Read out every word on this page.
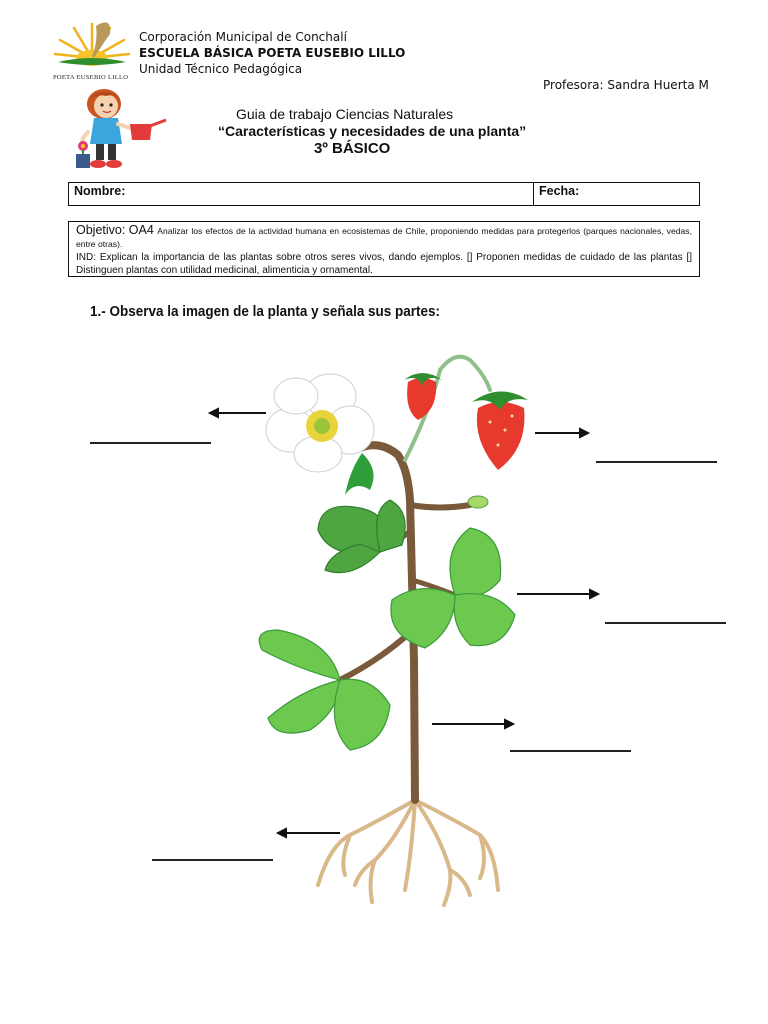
POETA EUSEBIO LILLO
Corporación Municipal de Conchalí
ESCUELA BÁSICA POETA EUSEBIO LILLO
Unidad Técnico Pedagógica
Profesora: Sandra Huerta M
Guia de trabajo Ciencias Naturales
“Características y necesidades de una planta”
3º BÁSICO
Nombre:	Fecha:

Objetivo: OA4 Analizar los efectos de la actividad humana en ecosistemas de Chile, proponiendo medidas para protegerlos (parques nacionales, vedas, entre otras).

IND: Explican la importancia de las plantas sobre otros seres vivos, dando ejemplos. [] Proponen medidas de cuidado de las plantas [] Distinguen plantas con utilidad medicinal, alimenticia y ornamental.

1.- Observa la imagen de la planta y señala sus partes:
